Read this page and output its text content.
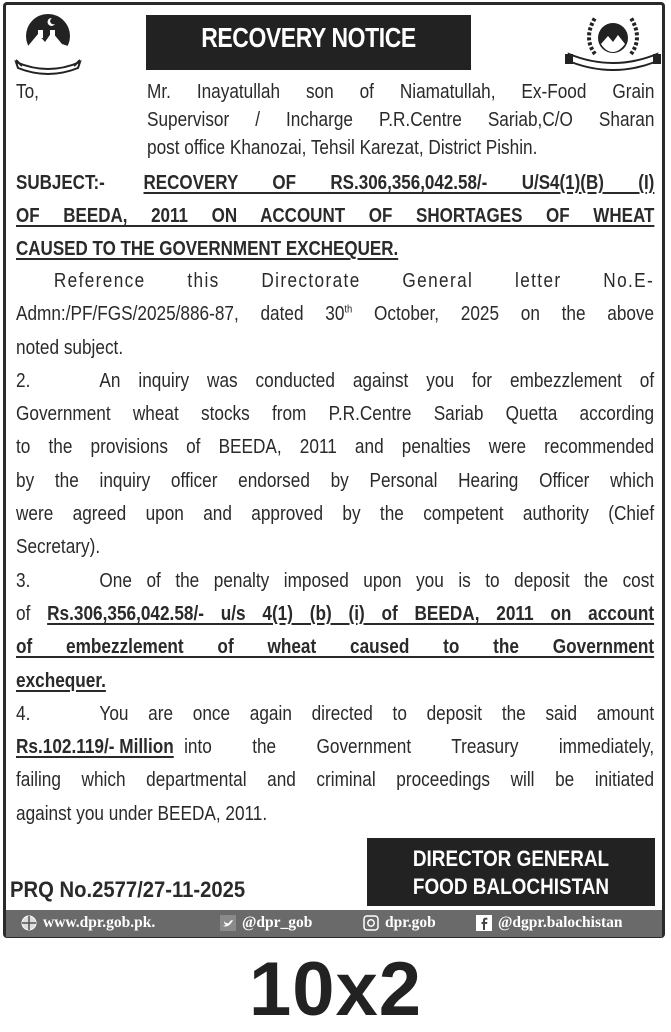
RECOVERY NOTICE
To,	Mr. Inayatullah son of Niamatullah, Ex-Food Grain
Supervisor / Incharge P.R.Centre Sariab,C/O Sharan
post office Khanozai, Tehsil Karezat, District Pishin.
SUBJECT:-	RECOVERY OF RS.306,356,042.58/- U/S4(1)(B) (I)
OF BEEDA, 2011 ON ACCOUNT OF SHORTAGES OF WHEAT
CAUSED TO THE GOVERNMENT EXCHEQUER.
Reference this Directorate General letter No.E-
Admn:/PF/FGS/2025/886-87, dated 30th October, 2025 on the above
noted subject.
2.	An inquiry was conducted against you for embezzlement of
Government wheat stocks from P.R.Centre Sariab Quetta according
to the provisions of BEEDA, 2011 and penalties were recommended
by the inquiry officer endorsed by Personal Hearing Officer which
were agreed upon and approved by the competent authority (Chief
Secretary).
3.	One of the penalty imposed upon you is to deposit the cost
of Rs.306,356,042.58/- u/s 4(1) (b) (i) of BEEDA, 2011 on account
of embezzlement of wheat caused to the Government
exchequer.
4.	You are once again directed to deposit the said amount
Rs.102.119/- Million into the Government Treasury immediately,
failing which departmental and criminal proceedings will be initiated
against you under BEEDA, 2011.
DIRECTOR GENERAL
FOOD BALOCHISTAN
PRQ No.2577/27-11-2025
www.dpr.gob.pk.	@dpr_gob	dpr.gob	@dgpr.balochistan
10x2
